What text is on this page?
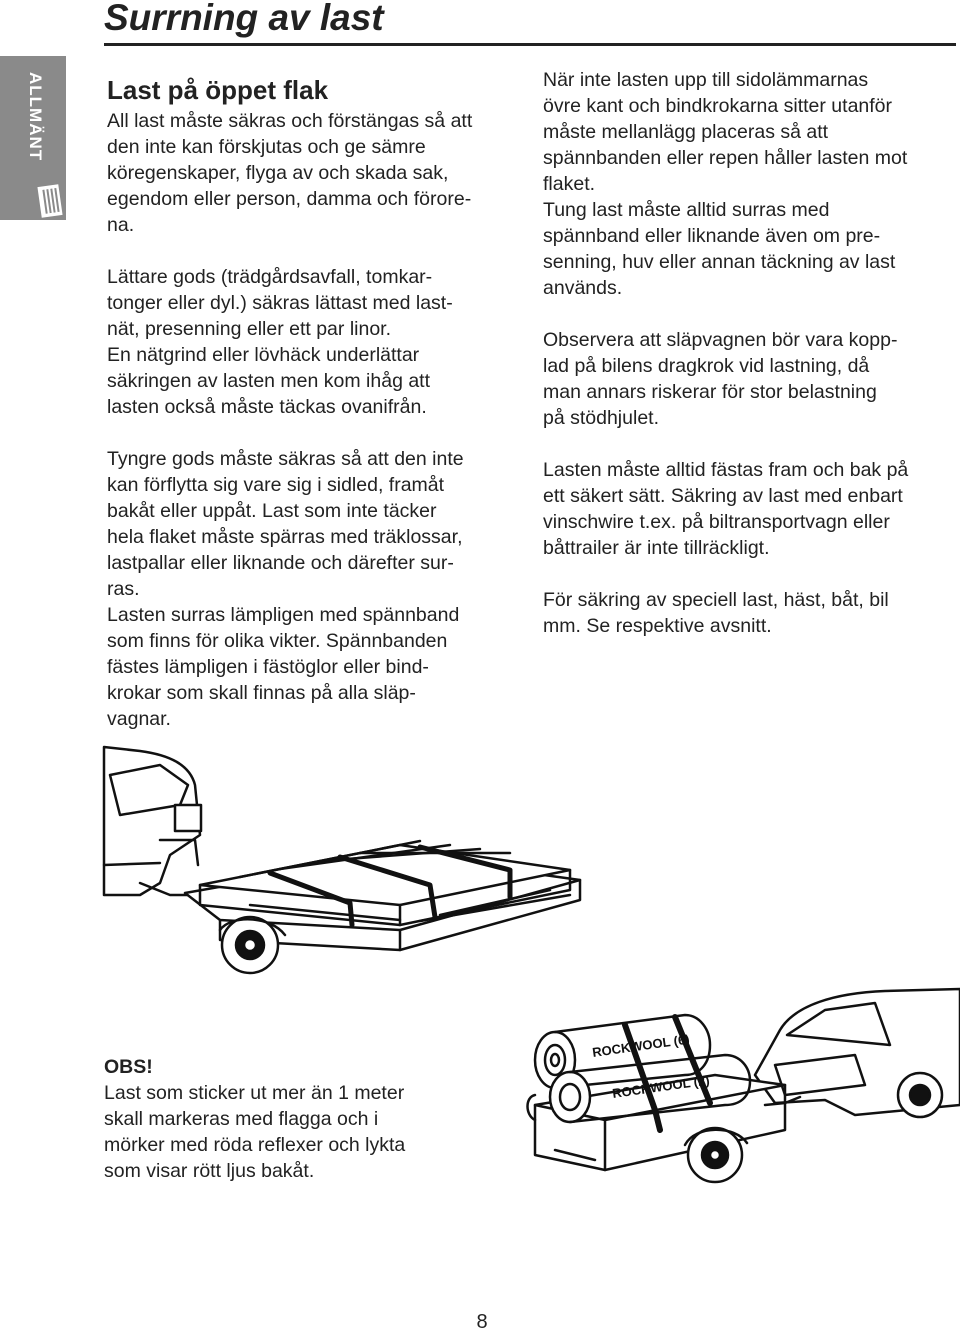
Surrning av last
ALLMÄNT Last på öppet flak

All last måste säkras och förstängas så att
den inte kan förskjutas och ge sämre
köregenskaper, flyga av och skada sak,
egendom eller person, damma och förore-
na.

Lättare gods (trädgårdsavfall, tomkar-
tonger eller dyl.) säkras lättast med last-
nät, presenning eller ett par linor.
En nätgrind eller lövhäck underlättar
säkringen av lasten men kom ihåg att
lasten också måste täckas ovanifrån.

Tyngre gods måste säkras så att den inte
kan förflytta sig vare sig i sidled, framåt
bakåt eller uppåt. Last som inte täcker
hela flaket måste spärras med träklossar,
lastpallar eller liknande och därefter sur-
ras.
Lasten surras lämpligen med spännband
som finns för olika vikter. Spännbanden
fästes lämpligen i fästöglor eller bind-
krokar som skall finnas på alla släp-
vagnar.

När inte lasten upp till sidolämmarnas
övre kant och bindkrokarna sitter utanför
måste mellanlägg placeras så att
spännbanden eller repen håller lasten mot
flaket.
Tung last måste alltid surras med
spännband eller liknande även om pre-
senning, huv eller annan täckning av last
används.

Observera att släpvagnen bör vara kopp-
lad på bilens dragkrok vid lastning, då
man annars riskerar för stor belastning
på stödhjulet.

Lasten måste alltid fästas fram och bak på
ett säkert sätt. Säkring av last med enbart
vinschwire t.ex. på biltransportvagn eller
båttrailer är inte tillräckligt.

För säkring av speciell last, häst, båt, bil
mm. Se respektive avsnitt.

ROCKWOOL (6)
ROCKWOOL (2)

OBS!

Last som sticker ut mer än 1 meter
skall markeras med flagga och i
mörker med röda reflexer och lykta
som visar rött ljus bakåt.

8
